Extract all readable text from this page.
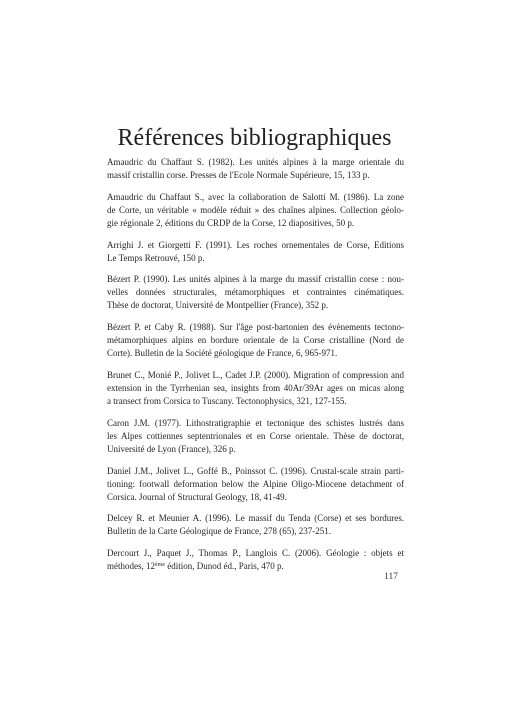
Références bibliographiques
Amaudric du Chaffaut S. (1982). Les unités alpines à la marge orientale du
massif cristallin corse. Presses de l'Ecole Normale Supérieure, 15, 133 p.
Amaudric du Chaffaut S., avec la collaboration de Salotti M. (1986). La zone
de Corte, un véritable « modèle réduit » des chaînes alpines. Collection géolo-
gie régionale 2, éditions du CRDP de la Corse, 12 diapositives, 50 p.
Arrighi J. et Giorgetti F. (1991). Les roches ornementales de Corse, Editions
Le Temps Retrouvé, 150 p.
Bézert P. (1990). Les unités alpines à la marge du massif cristallin corse : nou-
velles données structurales, métamorphiques et contraintes cinématiques.
Thèse de doctorat, Université de Montpellier (France), 352 p.
Bézert P. et Caby R. (1988). Sur l'âge post-bartonien des évènements tectono-
métamorphiques alpins en bordure orientale de la Corse cristalline (Nord de
Corte). Bulletin de la Société géologique de France, 6, 965-971.
Brunet C., Monié P., Jolivet L., Cadet J.P. (2000). Migration of compression and
extension in the Tyrrhenian sea, insights from 40Ar/39Ar ages on micas along
a transect from Corsica to Tuscany. Tectonophysics, 321, 127-155.
Caron J.M. (1977). Lithostratigraphie et tectonique des schistes lustrés dans
les Alpes cottiennes septentrionales et en Corse orientale. Thèse de doctorat,
Université de Lyon (France), 326 p.
Daniel J.M., Jolivet L., Goffé B., Poinssot C. (1996). Crustal-scale strain parti-
tioning: footwall deformation below the Alpine Oligo-Miocene detachment of
Corsica. Journal of Structural Geology, 18, 41-49.
Delcey R. et Meunier A. (1996). Le massif du Tenda (Corse) et ses bordures.
Bulletin de la Carte Géologique de France, 278 (65), 237-251.
Dercourt J., Paquet J., Thomas P., Langlois C. (2006). Géologie : objets et
méthodes, 12ème édition, Dunod éd., Paris, 470 p.
117
